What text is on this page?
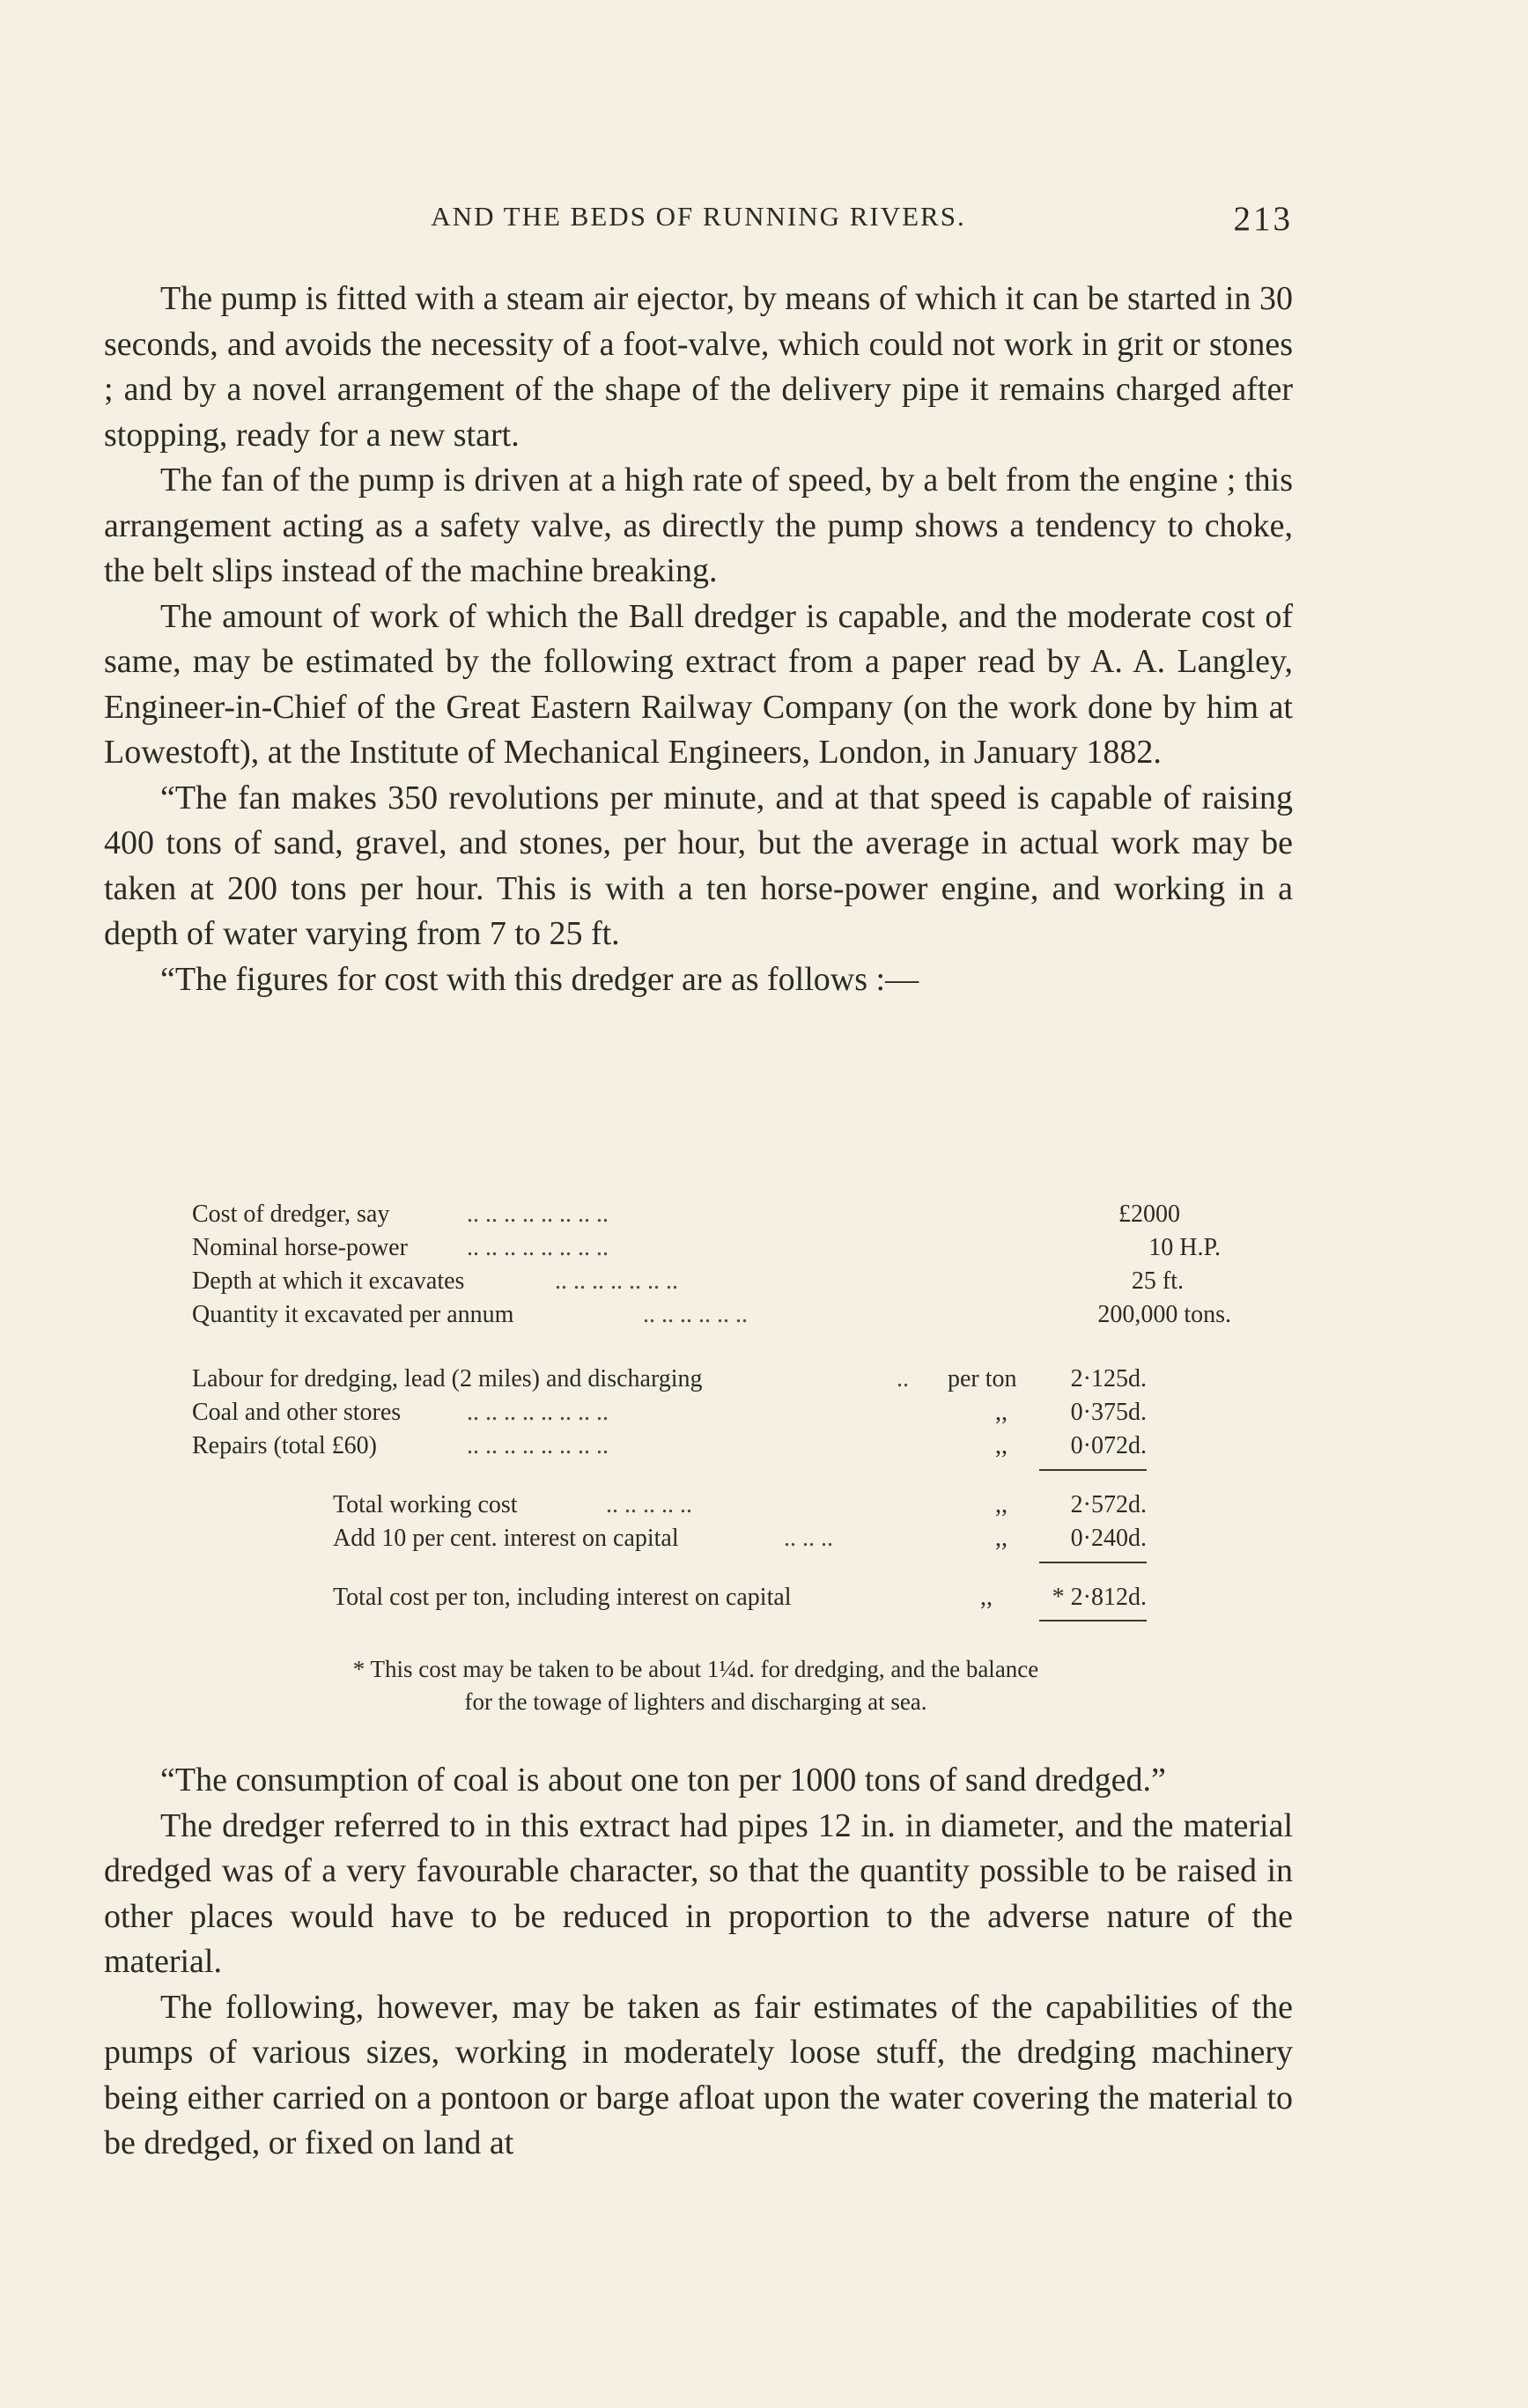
AND THE BEDS OF RUNNING RIVERS.	213

The pump is fitted with a steam air ejector, by means of which it can be started in 30 seconds, and avoids the necessity of a foot-valve, which could not work in grit or stones ; and by a novel arrangement of the shape of the delivery pipe it remains charged after stopping, ready for a new start.

The fan of the pump is driven at a high rate of speed, by a belt from the engine ; this arrangement acting as a safety valve, as directly the pump shows a tendency to choke, the belt slips instead of the machine breaking.

The amount of work of which the Ball dredger is capable, and the moderate cost of same, may be estimated by the following extract from a paper read by A. A. Langley, Engineer-in-Chief of the Great Eastern Railway Company (on the work done by him at Lowestoft), at the Institute of Mechanical Engineers, London, in January 1882.

“The fan makes 350 revolutions per minute, and at that speed is capable of raising 400 tons of sand, gravel, and stones, per hour, but the average in actual work may be taken at 200 tons per hour. This is with a ten horse-power engine, and working in a depth of water varying from 7 to 25 ft.

“The figures for cost with this dredger are as follows :—

Cost of dredger, say	.. .. .. .. .. .. .. ..	£2000
Nominal horse-power .. .. .. .. .. .. .. ..	10 H.P.
Depth at which it excavates	.. .. .. .. .. .. ..	25 ft.
Quantity it excavated per annum	.. .. .. .. .. ..	200,000 tons.
Labour for dredging, lead (2 miles) and discharging	.. per ton 2·125d.
Coal and other stores	.. .. .. .. .. .. .. ..	,,	0·375d.
Repairs (total £60)	.. .. .. .. .. .. .. ..	,,	0·072d.
Total working cost	.. .. .. .. ..	,,	2·572d.
Add 10 per cent. interest on capital	.. .. ..	,,	0·240d.
Total cost per ton, including interest on capital	,, * 2·812d.
* This cost may be taken to be about 1¼d. for dredging, and the balance
for the towage of lighters and discharging at sea.

“The consumption of coal is about one ton per 1000 tons of sand dredged.”

The dredger referred to in this extract had pipes 12 in. in diameter, and the material dredged was of a very favourable character, so that the quantity possible to be raised in other places would have to be reduced in proportion to the adverse nature of the material.

The following, however, may be taken as fair estimates of the capabilities of the pumps of various sizes, working in moderately loose stuff, the dredging machinery being either carried on a pontoon or barge afloat upon the water covering the material to be dredged, or fixed on land at
